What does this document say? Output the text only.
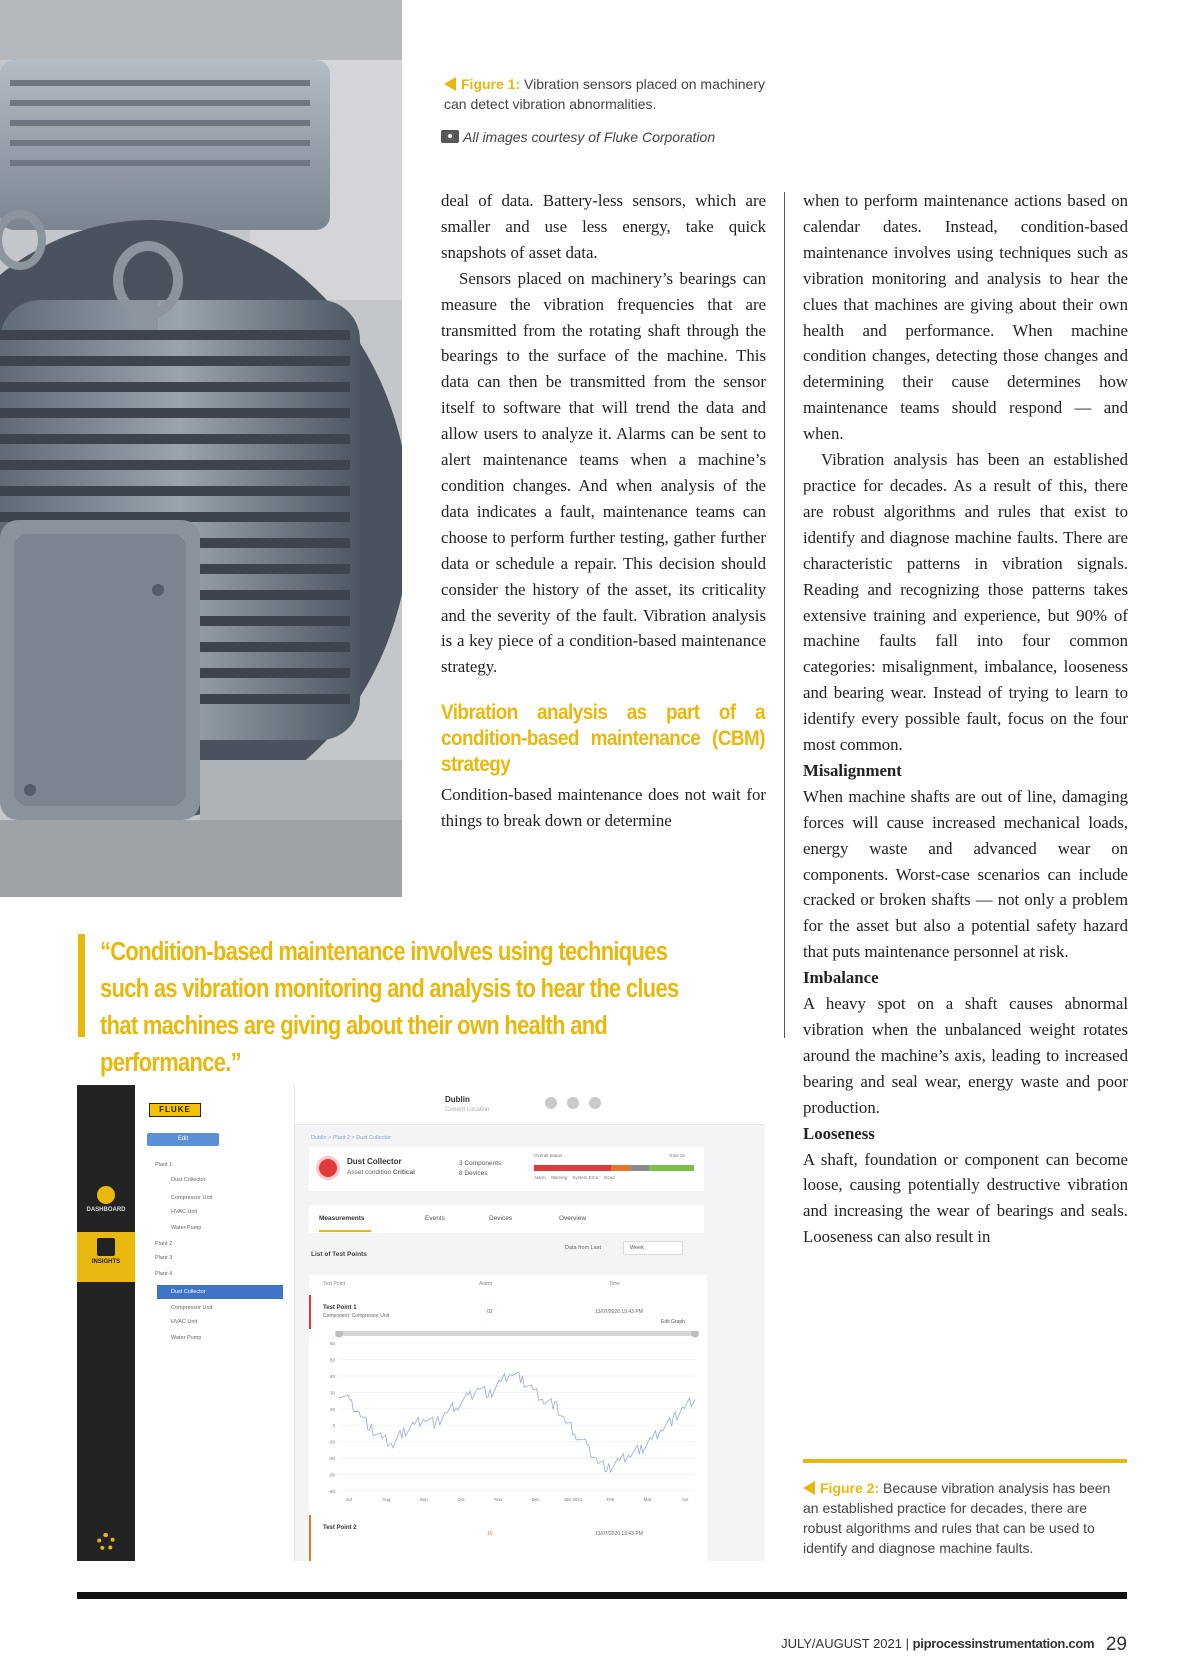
Figure 1: Vibration sensors placed on machinery can detect vibration abnormalities.
All images courtesy of Fluke Corporation

deal of data. Battery-less sensors, which are smaller and use less energy, take quick snapshots of asset data.

Sensors placed on machinery’s bearings can measure the vibration frequencies that are transmitted from the rotating shaft through the bearings to the surface of the machine. This data can then be transmitted from the sensor itself to software that will trend the data and allow users to analyze it. Alarms can be sent to alert maintenance teams when a machine’s condition changes. And when analysis of the data indicates a fault, maintenance teams can choose to perform further testing, gather further data or schedule a repair. This decision should consider the history of the asset, its criticality and the severity of the fault. Vibration analysis is a key piece of a condition-based maintenance strategy.

Vibration analysis as part of a condition-based maintenance (CBM) strategy

Condition-based maintenance does not wait for things to break down or determine

when to perform maintenance actions based on calendar dates. Instead, condition-based maintenance involves using techniques such as vibration monitoring and analysis to hear the clues that machines are giving about their own health and performance. When machine condition changes, detecting those changes and determining their cause determines how maintenance teams should respond — and when.

Vibration analysis has been an established practice for decades. As a result of this, there are robust algorithms and rules that exist to identify and diagnose machine faults. There are characteristic patterns in vibration signals. Reading and recognizing those patterns takes extensive training and experience, but 90% of machine faults fall into four common categories: misalignment, imbalance, looseness and bearing wear. Instead of trying to learn to identify every possible fault, focus on the four most common.

Misalignment

When machine shafts are out of line, damaging forces will cause increased mechanical loads, energy waste and advanced wear on components. Worst-case scenarios can include cracked or broken shafts — not only a problem for the asset but also a potential safety hazard that puts maintenance personnel at risk.

Imbalance

A heavy spot on a shaft causes abnormal vibration when the unbalanced weight rotates around the machine’s axis, leading to increased bearing and seal wear, energy waste and poor production.

Looseness

A shaft, foundation or component can become loose, causing potentially destructive vibration and increasing the wear of bearings and seals. Looseness can also result in

“Condition-based maintenance involves using techniques such as vibration monitoring and analysis to hear the clues that machines are giving about their own health and performance.”
DASHBOARD
INSIGHTS
FLUKE
Edit
Plant 1
Dust Collector
Compressor Unit
HVAC Unit
Water Pump
Plant 2
Plant 3
Plant 4
Dust Collector
Compressor Unit
HVAC Unit
Water Pump
Dublin
Current Location
Dublin > Plant 2 > Dust Collector
Dust Collector
Asset condition Critical
3 Components
8 Devices
Overall Status	Total 19
Alarm Warning System Error Good
Measurements	Events	Devices	Overview
List of Test Points
Data from Last	Week
Test Point	Alarm	Time
Test Point 1
Component: Compressor Unit
02	13/07/2020 19:43 PM
Edit Graph
60
50
40
30
20
0
-20
-30
-50
-60
Jul	Aug	Sep	Oct	Nov	Dec	Jan 2021	Feb	Mar	Apr
Test Point 2
10	13/07/2020 19:43 PM
Figure 2: Because vibration analysis has been an established practice for decades, there are robust algorithms and rules that can be used to identify and diagnose machine faults.
JULY/AUGUST 2021 | piprocessinstrumentation.com 29
